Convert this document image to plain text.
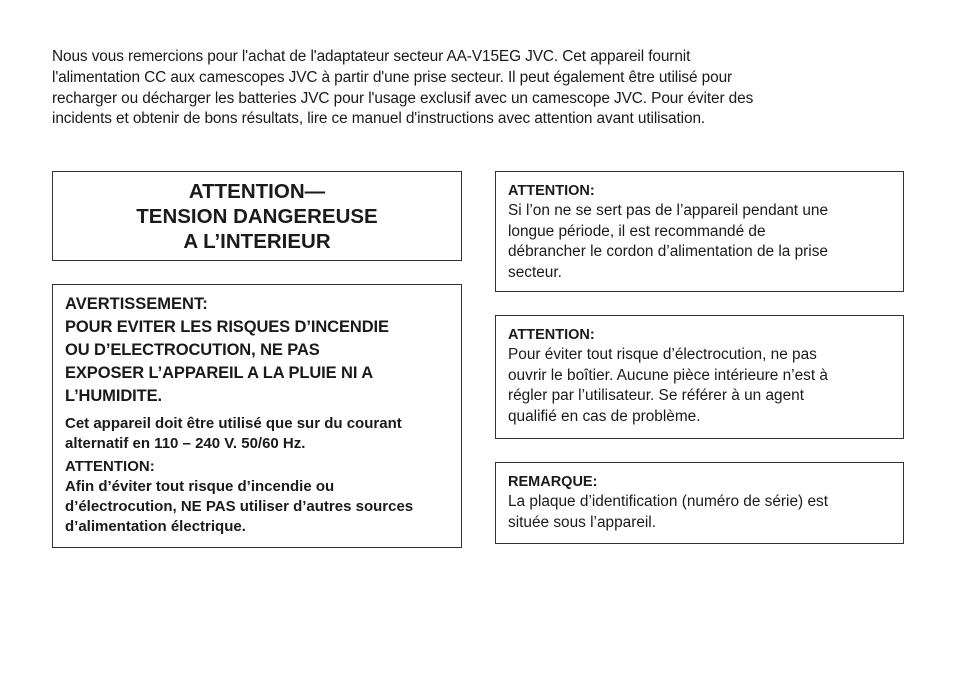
Nous vous remercions pour l'achat de l'adaptateur secteur AA-V15EG JVC. Cet appareil fournit
l'alimentation CC aux camescopes JVC à partir d'une prise secteur. Il peut également être utilisé pour
recharger ou décharger les batteries JVC pour l'usage exclusif avec un camescope JVC. Pour éviter des
incidents et obtenir de bons résultats, lire ce manuel d'instructions avec attention avant utilisation.
ATTENTION—
TENSION DANGEREUSE
A L’INTERIEUR
AVERTISSEMENT:
POUR EVITER LES RISQUES D’INCENDIE
OU D’ELECTROCUTION, NE PAS
EXPOSER L’APPAREIL A LA PLUIE NI A
L’HUMIDITE.
Cet appareil doit être utilisé que sur du courant
alternatif en 110 – 240 V. 50/60 Hz.
ATTENTION:
Afin d’éviter tout risque d’incendie ou
d’électrocution, NE PAS utiliser d’autres sources
d’alimentation électrique.
ATTENTION:
Si l’on ne se sert pas de l’appareil pendant une
longue période, il est recommandé de
débrancher le cordon d’alimentation de la prise
secteur.
ATTENTION:
Pour éviter tout risque d’électrocution, ne pas
ouvrir le boîtier. Aucune pièce intérieure n’est à
régler par l’utilisateur. Se référer à un agent
qualifié en cas de problème.
REMARQUE:
La plaque d’identification (numéro de série) est
située sous l’appareil.
